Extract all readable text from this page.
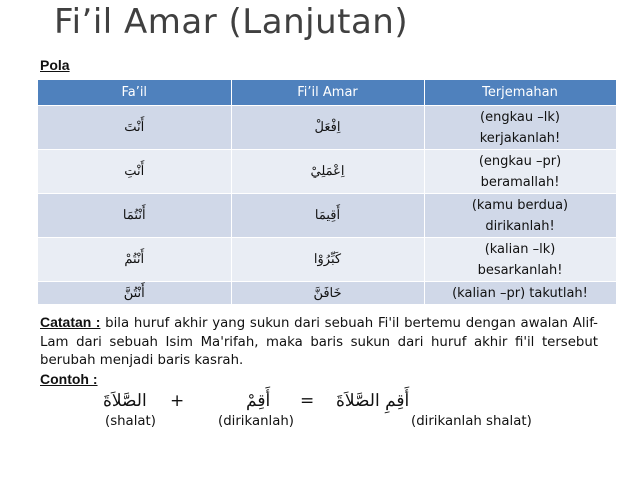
Fi’il Amar (Lanjutan)
Pola
Fa’il	Fi’il Amar	Terjemahan
أَنْتَ	اِفْعَلْ	(engkau –lk)
kerjakanlah!
أَنْتِ	اِعْمَلِيْ	(engkau –pr)
beramallah!
أَنْتُمَا	أَقِيمَا	(kamu berdua)
dirikanlah!
أَنْتُمْ	كَبِّرُوْا	(kalian –lk)
besarkanlah!
أَنْتُنَّ	خَافَنَّ	(kalian –pr) takutlah!
Catatan : bila huruf akhir yang sukun dari sebuah Fi'il bertemu dengan awalan Alif-Lam dari sebuah Isim Ma'rifah, maka baris sukun dari huruf akhir fi'il tersebut berubah menjadi baris kasrah.
Contoh :
الصَّلاَةَ +	أَقِمْ = أَقِمِ الصَّلاَةَ
(shalat)	(dirikanlah)	(dirikanlah shalat)
